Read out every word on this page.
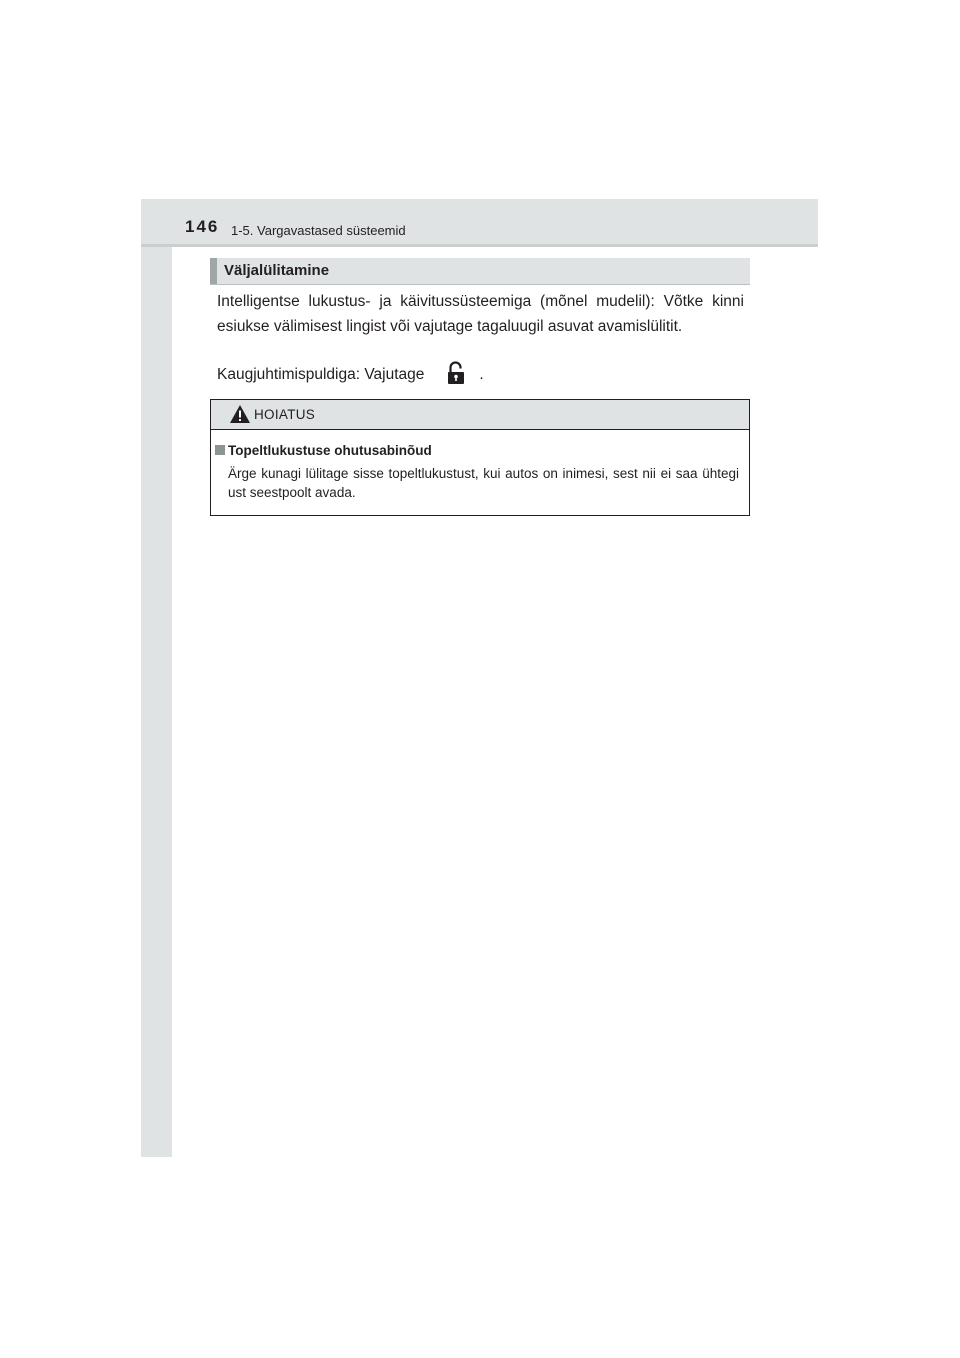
146 1-5. Vargavastased süsteemid
Väljalülitamine

Intelligentse lukustus- ja käivitussüsteemiga (mõnel mudelil): Võtke kinni esiukse välimisest lingist või vajutage tagaluugil asuvat avamislülitit.

Kaugjuhtimispuldiga: Vajutage	.
HOIATUS
Topeltlukustuse ohutusabinõud

Ärge kunagi lülitage sisse topeltlukustust, kui autos on inimesi, sest nii ei saa ühtegi ust seestpoolt avada.
